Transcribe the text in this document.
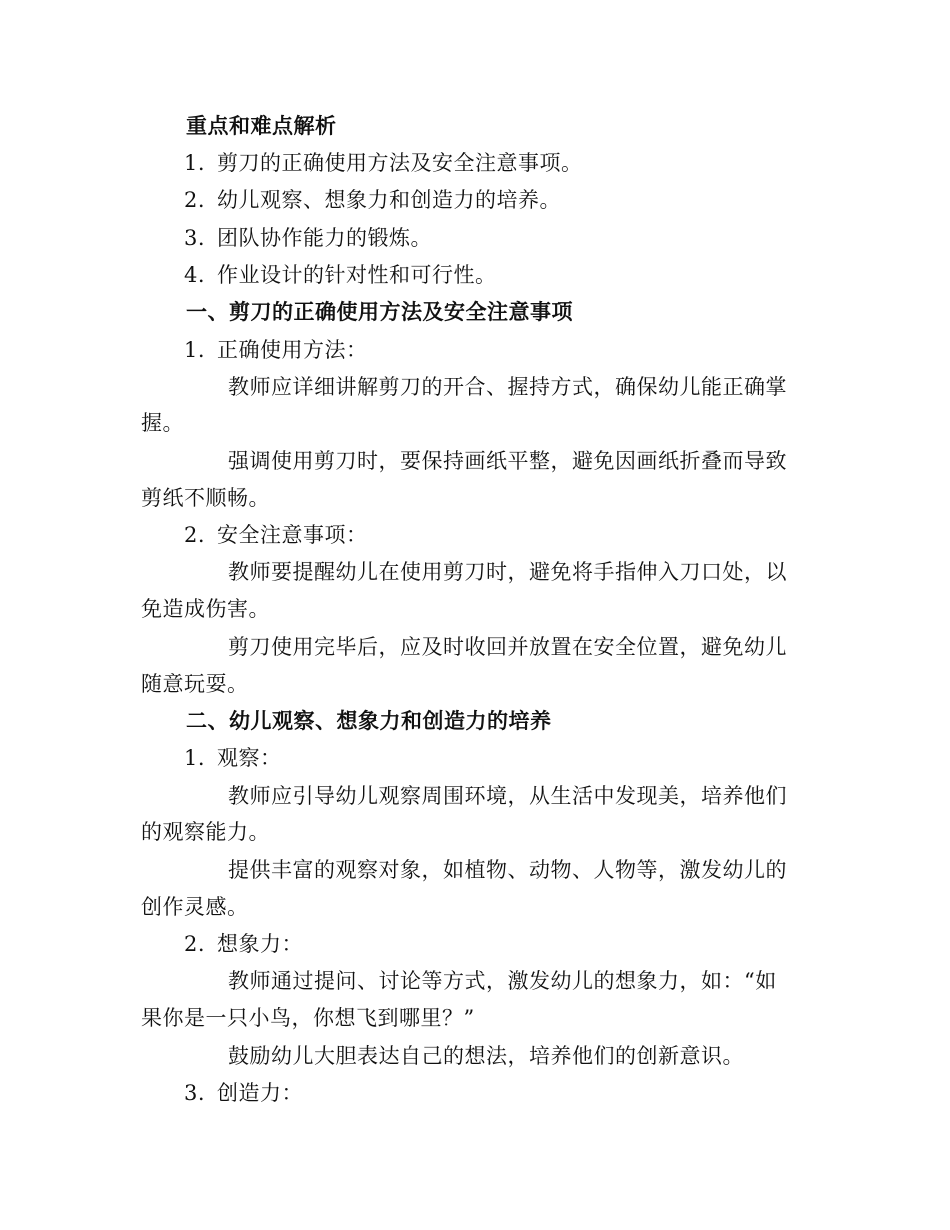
重点和难点解析
1. 剪刀的正确使用方法及安全注意事项。
2. 幼儿观察、想象力和创造力的培养。
3. 团队协作能力的锻炼。
4. 作业设计的针对性和可行性。
一、剪刀的正确使用方法及安全注意事项
1. 正确使用方法：
教师应详细讲解剪刀的开合、握持方式，确保幼儿能正确掌
握。
强调使用剪刀时，要保持画纸平整，避免因画纸折叠而导致
剪纸不顺畅。
2. 安全注意事项：
教师要提醒幼儿在使用剪刀时，避免将手指伸入刀口处，以
免造成伤害。
剪刀使用完毕后，应及时收回并放置在安全位置，避免幼儿
随意玩耍。
二、幼儿观察、想象力和创造力的培养
1. 观察：
教师应引导幼儿观察周围环境，从生活中发现美，培养他们
的观察能力。
提供丰富的观察对象，如植物、动物、人物等，激发幼儿的
创作灵感。
2. 想象力：
教师通过提问、讨论等方式，激发幼儿的想象力，如：“如
果你是一只小鸟，你想飞到哪里？”
鼓励幼儿大胆表达自己的想法，培养他们的创新意识。
3. 创造力：
